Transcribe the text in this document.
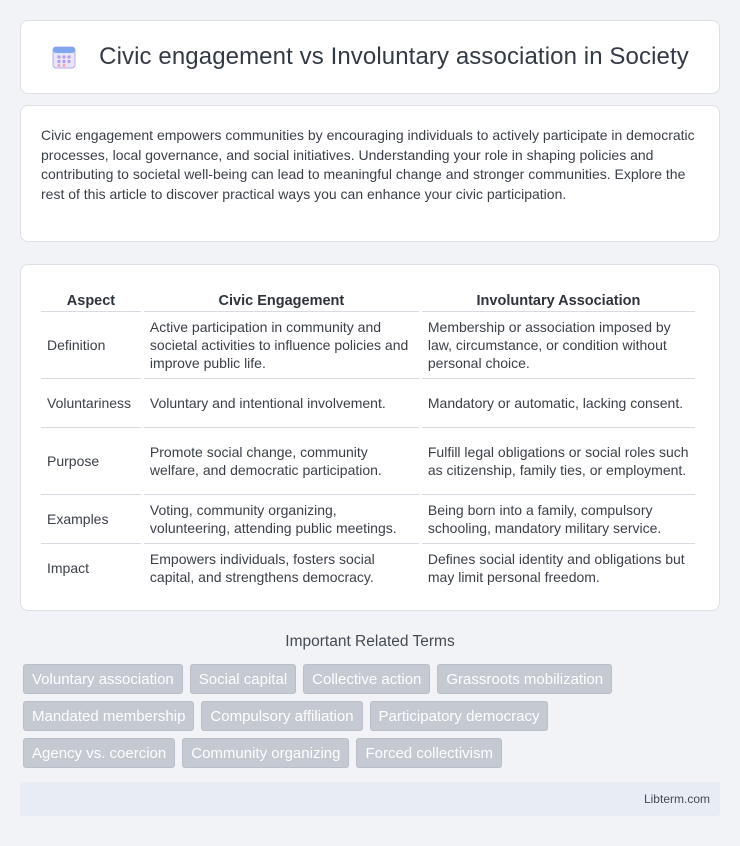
Civic engagement vs Involuntary association in Society

Civic engagement empowers communities by encouraging individuals to actively participate in democratic processes, local governance, and social initiatives. Understanding your role in shaping policies and contributing to societal well-being can lead to meaningful change and stronger communities. Explore the rest of this article to discover practical ways you can enhance your civic participation.

Aspect	Civic Engagement	Involuntary Association
Definition	Active participation in community and societal activities to influence policies and improve public life.	Membership or association imposed by law, circumstance, or condition without personal choice.
Voluntariness	Voluntary and intentional involvement.	Mandatory or automatic, lacking consent.
Purpose	Promote social change, community welfare, and democratic participation.	Fulfill legal obligations or social roles such as citizenship, family ties, or employment.
Examples	Voting, community organizing, volunteering, attending public meetings.	Being born into a family, compulsory schooling, mandatory military service.
Impact	Empowers individuals, fosters social capital, and strengthens democracy.	Defines social identity and obligations but may limit personal freedom.
Important Related Terms
Voluntary association	Social capital	Collective action	Grassroots mobilization
Mandated membership	Compulsory affiliation	Participatory democracy
Agency vs. coercion	Community organizing	Forced collectivism
Libterm.com
